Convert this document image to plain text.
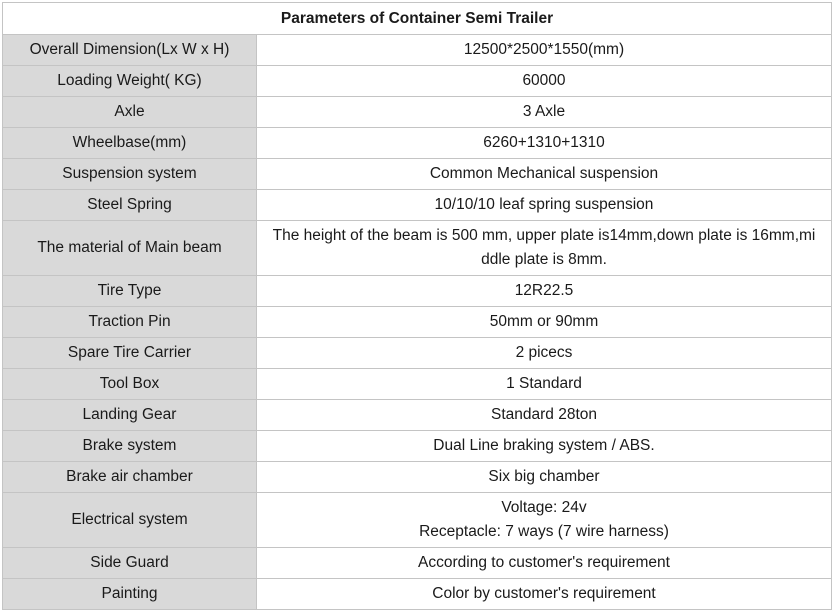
Parameters of Container Semi Trailer	
Overall Dimension(Lx W x H)	12500*2500*1550(mm)

Loading Weight( KG)	60000

Axle	3 Axle

Wheelbase(mm)	6260+1310+1310

Suspension system	Common Mechanical suspension

Steel Spring	10/10/10 leaf spring suspension

The material of Main beam	The height of the beam is 500 mm, upper plate is14mm,down plate is 16mm,mi
ddle plate is 8mm.

Tire Type	12R22.5

Traction Pin	50mm or 90mm

Spare Tire Carrier	2 picecs

Tool Box	1 Standard

Landing Gear	Standard 28ton

Brake system	Dual Line braking system / ABS.

Brake air chamber	Six big chamber

Electrical system	Voltage: 24v
Receptacle: 7 ways (7 wire harness)

Side Guard	According to customer's requirement

Painting	Color by customer's requirement
